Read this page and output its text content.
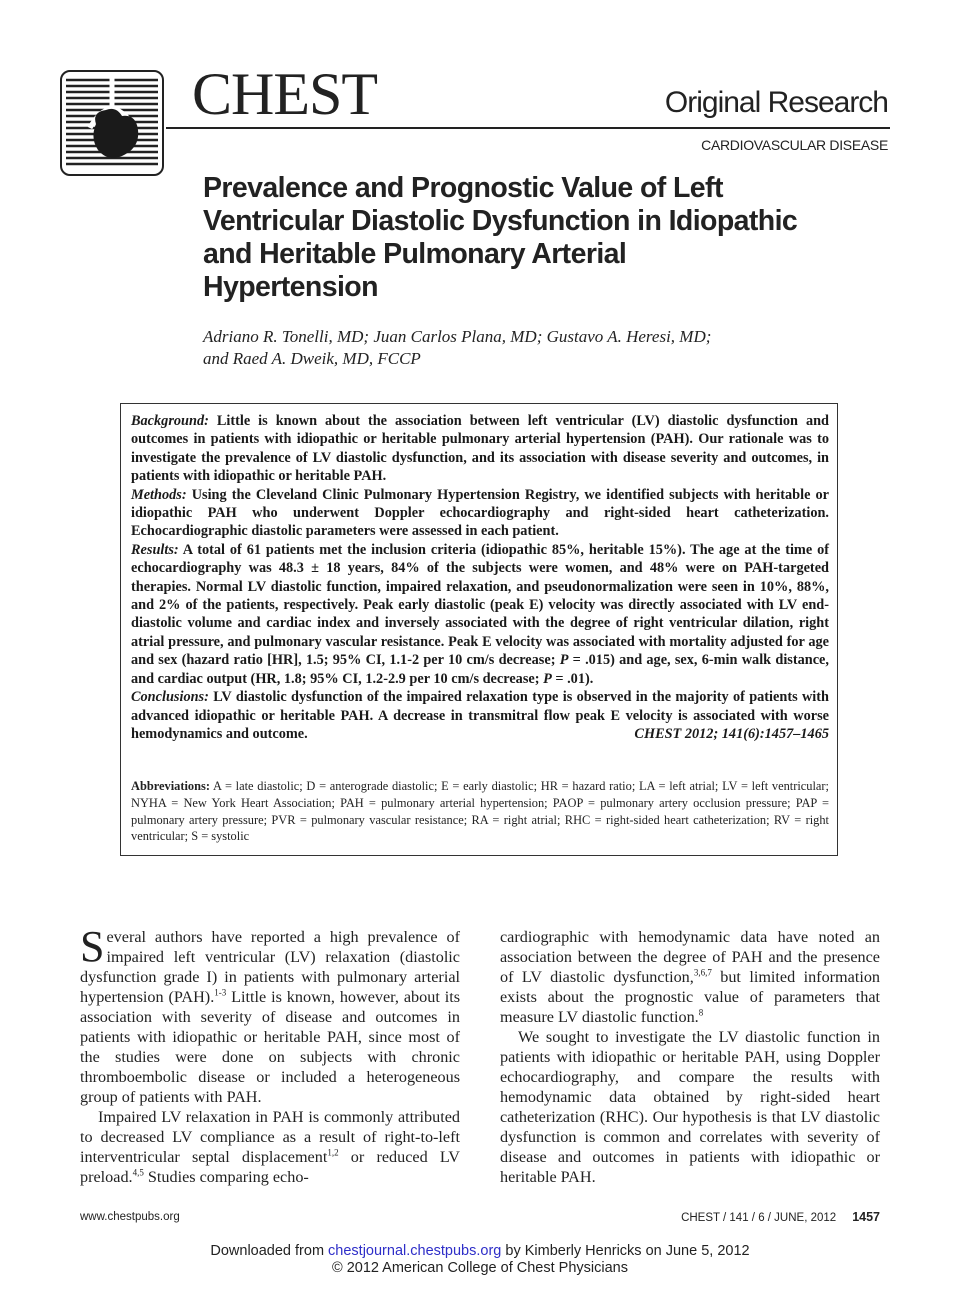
CHEST	Original Research
CARDIOVASCULAR DISEASE
Prevalence and Prognostic Value of Left Ventricular Diastolic Dysfunction in Idiopathic and Heritable Pulmonary Arterial Hypertension
Adriano R. Tonelli, MD; Juan Carlos Plana, MD; Gustavo A. Heresi, MD;
and Raed A. Dweik, MD, FCCP
Background: Little is known about the association between left ventricular (LV) diastolic dysfunction and outcomes in patients with idiopathic or heritable pulmonary arterial hypertension (PAH). Our rationale was to investigate the prevalence of LV diastolic dysfunction, and its association with disease severity and outcomes, in patients with idiopathic or heritable PAH.
Methods: Using the Cleveland Clinic Pulmonary Hypertension Registry, we identified subjects with heritable or idiopathic PAH who underwent Doppler echocardiography and right-sided heart catheterization. Echocardiographic diastolic parameters were assessed in each patient.
Results: A total of 61 patients met the inclusion criteria (idiopathic 85%, heritable 15%). The age at the time of echocardiography was 48.3 ± 18 years, 84% of the subjects were women, and 48% were on PAH-targeted therapies. Normal LV diastolic function, impaired relaxation, and pseudonormalization were seen in 10%, 88%, and 2% of the patients, respectively. Peak early diastolic (peak E) velocity was directly associated with LV end-diastolic volume and cardiac index and inversely associated with the degree of right ventricular dilation, right atrial pressure, and pulmonary vascular resistance. Peak E velocity was associated with mortality adjusted for age and sex (hazard ratio [HR], 1.5; 95% CI, 1.1-2 per 10 cm/s decrease; P = .015) and age, sex, 6-min walk distance, and cardiac output (HR, 1.8; 95% CI, 1.2-2.9 per 10 cm/s decrease; P = .01).
Conclusions: LV diastolic dysfunction of the impaired relaxation type is observed in the majority of patients with advanced idiopathic or heritable PAH. A decrease in transmitral flow peak E velocity is associated with worse hemodynamics and outcome.	CHEST 2012; 141(6):1457–1465
Abbreviations: A = late diastolic; D = anterograde diastolic; E = early diastolic; HR = hazard ratio; LA = left atrial; LV = left ventricular; NYHA = New York Heart Association; PAH = pulmonary arterial hypertension; PAOP = pulmonary artery occlusion pressure; PAP = pulmonary artery pressure; PVR = pulmonary vascular resistance; RA = right atrial; RHC = right-sided heart catheterization; RV = right ventricular; S = systolic

Several authors have reported a high prevalence of impaired left ventricular (LV) relaxation (diastolic dysfunction grade I) in patients with pulmonary arterial hypertension (PAH).$^{1-3}$ Little is known, however, about its association with severity of disease and outcomes in patients with idiopathic or heritable PAH, since most of the studies were done on subjects with chronic thromboembolic disease or included a heterogeneous group of patients with PAH.

Impaired LV relaxation in PAH is commonly attributed to decreased LV compliance as a result of right-to-left interventricular septal displacement$^{1,2}$ or reduced LV preload.$^{4,5}$ Studies comparing echo-

cardiographic with hemodynamic data have noted an association between the degree of PAH and the presence of LV diastolic dysfunction,$^{3,6,7}$ but limited information exists about the prognostic value of parameters that measure LV diastolic function.$^8$

We sought to investigate the LV diastolic function in patients with idiopathic or heritable PAH, using Doppler echocardiography, and compare the results with hemodynamic data obtained by right-sided heart catheterization (RHC). Our hypothesis is that LV diastolic dysfunction is common and correlates with severity of disease and outcomes in patients with idiopathic or heritable PAH.

www.chestpubs.org	CHEST / 141 / 6 / JUNE, 2012 1457
Downloaded from chestjournal.chestpubs.org by Kimberly Henricks on June 5, 2012
© 2012 American College of Chest Physicians
